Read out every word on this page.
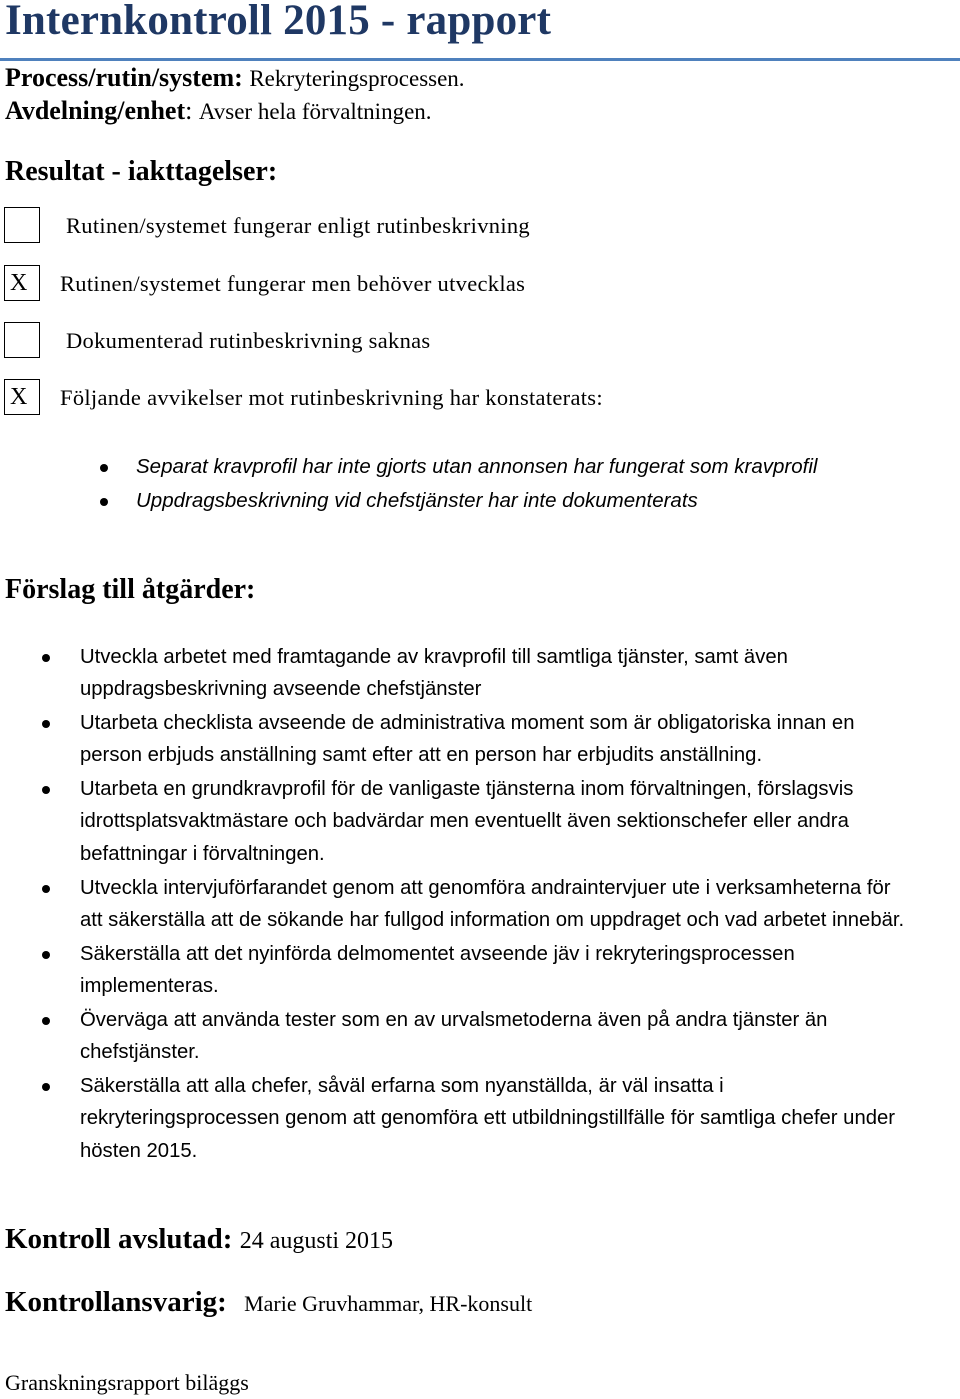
Internkontroll 2015 - rapport
Process/rutin/system: Rekryteringsprocessen.
Avdelning/enhet: Avser hela förvaltningen.
Resultat - iakttagelser:
Rutinen/systemet fungerar enligt rutinbeskrivning
X	Rutinen/systemet fungerar men behöver utvecklas
Dokumenterad rutinbeskrivning saknas
X	Följande avvikelser mot rutinbeskrivning har konstaterats:
Separat kravprofil har inte gjorts utan annonsen har fungerat som kravprofil
Uppdragsbeskrivning vid chefstjänster har inte dokumenterats
Förslag till åtgärder:
Utveckla arbetet med framtagande av kravprofil till samtliga tjänster, samt även
uppdragsbeskrivning avseende chefstjänster
Utarbeta checklista avseende de administrativa moment som är obligatoriska innan en
person erbjuds anställning samt efter att en person har erbjudits anställning.
Utarbeta en grundkravprofil för de vanligaste tjänsterna inom förvaltningen, förslagsvis
idrottsplatsvaktmästare och badvärdar men eventuellt även sektionschefer eller andra
befattningar i förvaltningen.
Utveckla intervjuförfarandet genom att genomföra andraintervjuer ute i verksamheterna för
att säkerställa att de sökande har fullgod information om uppdraget och vad arbetet innebär.
Säkerställa att det nyinförda delmomentet avseende jäv i rekryteringsprocessen
implementeras.
Överväga att använda tester som en av urvalsmetoderna även på andra tjänster än
chefstjänster.
Säkerställa att alla chefer, såväl erfarna som nyanställda, är väl insatta i
rekryteringsprocessen genom att genomföra ett utbildningstillfälle för samtliga chefer under
hösten 2015.
Kontroll avslutad: 24 augusti 2015
Kontrollansvarig: Marie Gruvhammar, HR-konsult
Granskningsrapport biläggs
